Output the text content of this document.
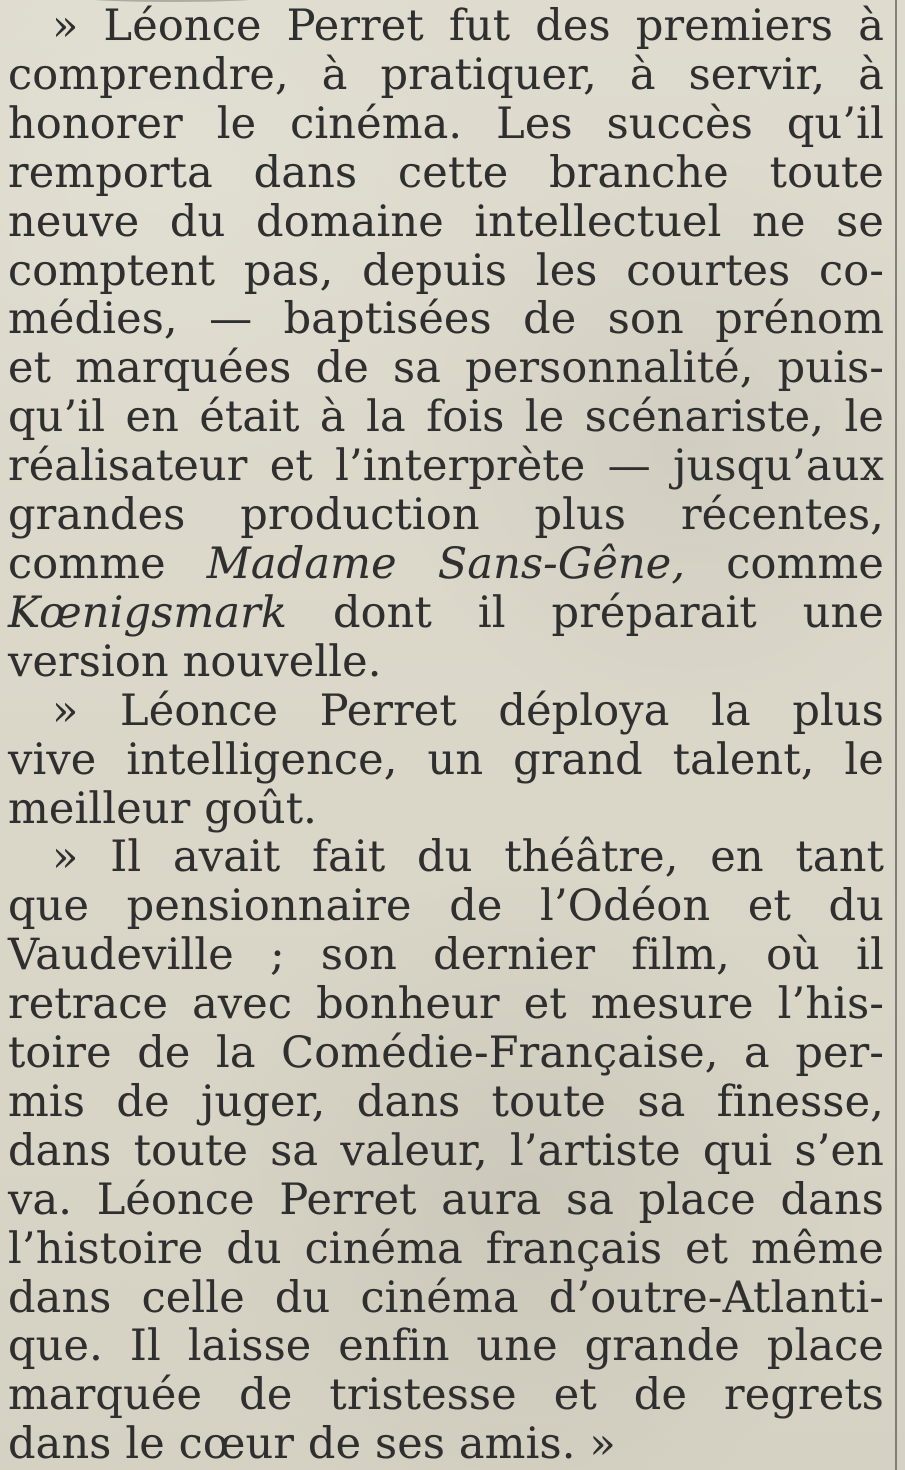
» Léonce Perret fut des premiers à
comprendre, à pratiquer, à servir, à
honorer le cinéma. Les succès qu’il
remporta dans cette branche toute
neuve du domaine intellectuel ne se
comptent pas, depuis les courtes co-
médies, — baptisées de son prénom
et marquées de sa personnalité, puis-
qu’il en était à la fois le scénariste, le
réalisateur et l’interprète — jusqu’aux
grandes production plus récentes,
comme Madame Sans-Gêne, comme
Kœnigsmark dont il préparait une
version nouvelle.
» Léonce Perret déploya la plus
vive intelligence, un grand talent, le
meilleur goût.
» Il avait fait du théâtre, en tant
que pensionnaire de l’Odéon et du
Vaudeville ; son dernier film, où il
retrace avec bonheur et mesure l’his-
toire de la Comédie-Française, a per-
mis de juger, dans toute sa finesse,
dans toute sa valeur, l’artiste qui s’en
va. Léonce Perret aura sa place dans
l’histoire du cinéma français et même
dans celle du cinéma d’outre-Atlanti-
que. Il laisse enfin une grande place
marquée de tristesse et de regrets
dans le cœur de ses amis. »
